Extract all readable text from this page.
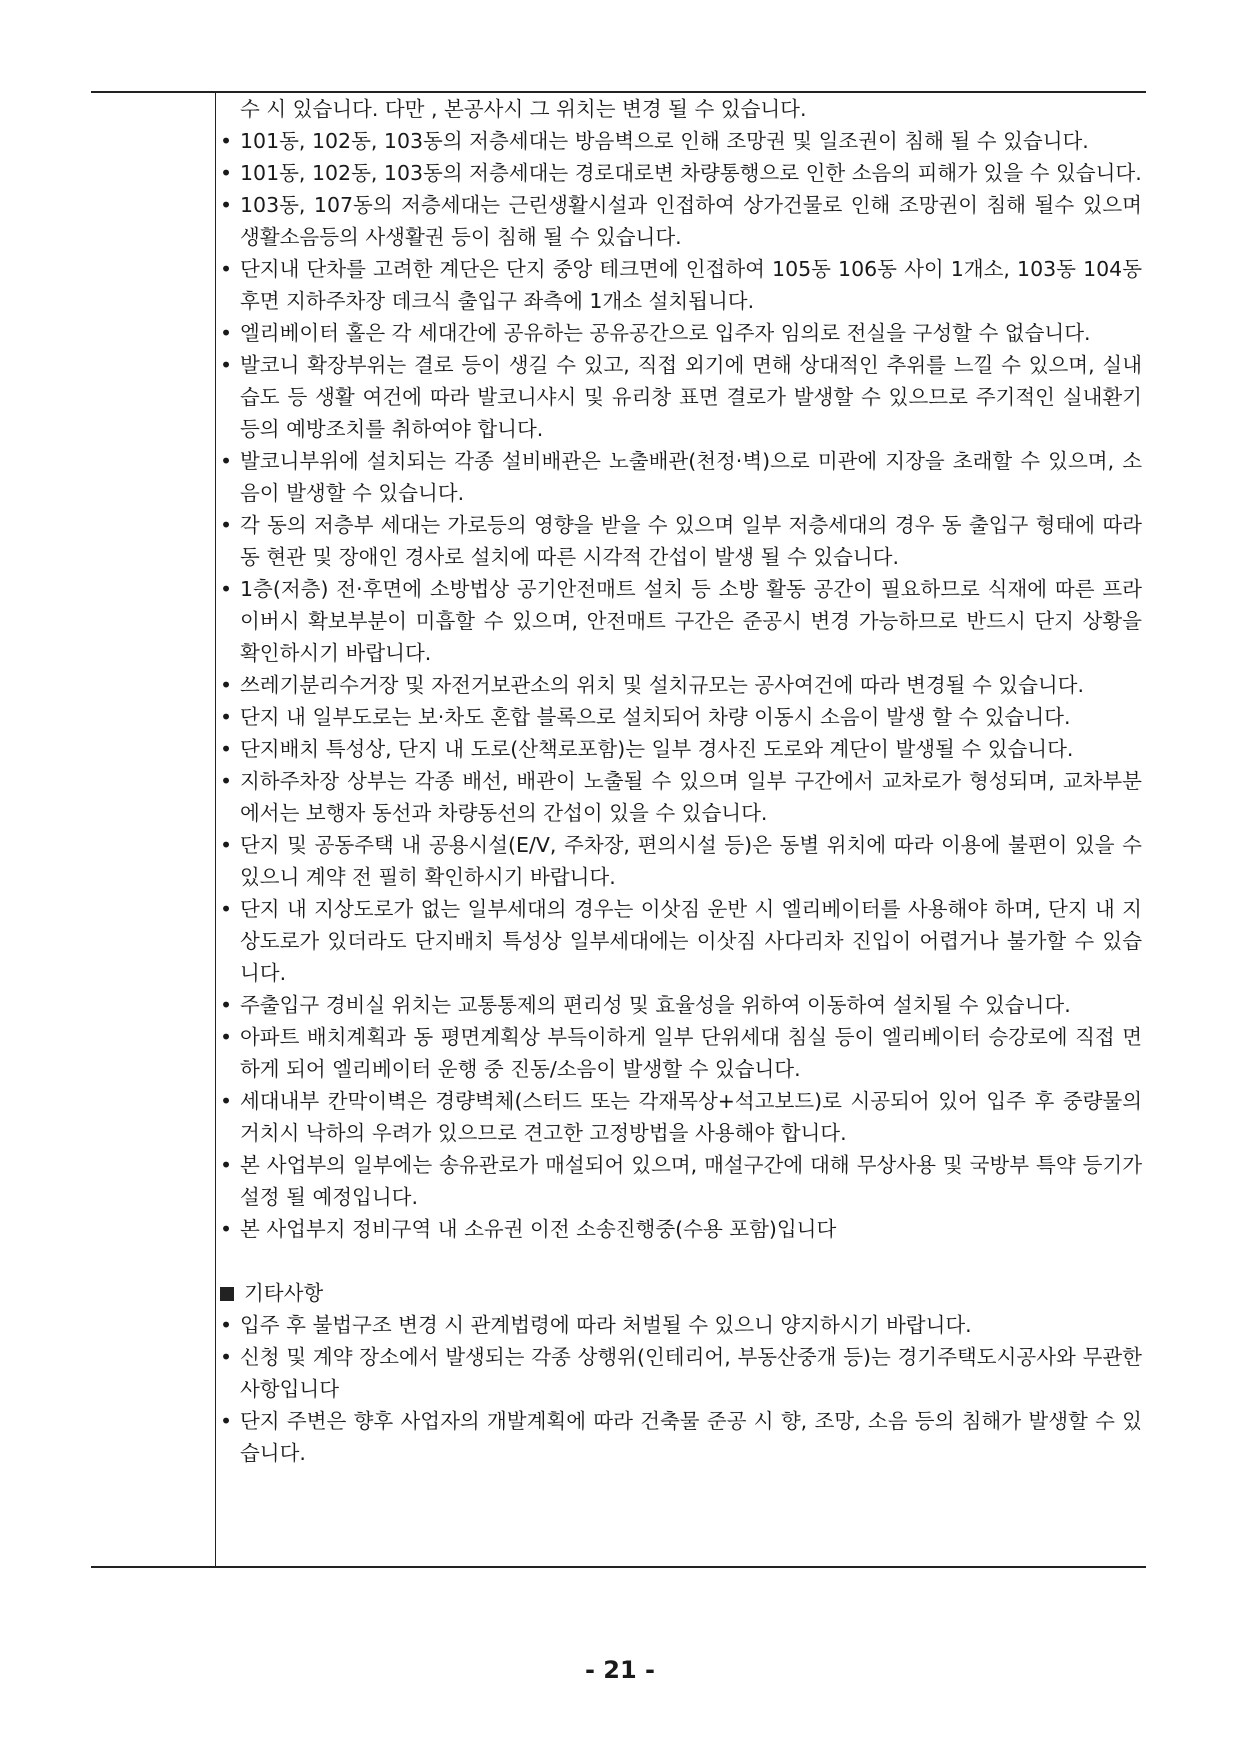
수 시 있습니다. 다만 , 본공사시 그 위치는 변경 될 수 있습니다.
• 101동, 102동, 103동의 저층세대는 방음벽으로 인해 조망권 및 일조권이 침해 될 수 있습니다.
• 101동, 102동, 103동의 저층세대는 경로대로변 차량통행으로 인한 소음의 피해가 있을 수 있습니다.
• 103동, 107동의 저층세대는 근린생활시설과 인접하여 상가건물로 인해 조망권이 침해 될수 있으며 생활소음등의 사생활권 등이 침해 될 수 있습니다.
• 단지내 단차를 고려한 계단은 단지 중앙 테크면에 인접하여 105동 106동 사이 1개소, 103동 104동 후면 지하주차장 데크식 출입구 좌측에 1개소 설치됩니다.
• 엘리베이터 홀은 각 세대간에 공유하는 공유공간으로 입주자 임의로 전실을 구성할 수 없습니다.
• 발코니 확장부위는 결로 등이 생길 수 있고, 직접 외기에 면해 상대적인 추위를 느낄 수 있으며, 실내습도 등 생활 여건에 따라 발코니샤시 및 유리창 표면 결로가 발생할 수 있으므로 주기적인 실내환기 등의 예방조치를 취하여야 합니다.
• 발코니부위에 설치되는 각종 설비배관은 노출배관(천정·벽)으로 미관에 지장을 초래할 수 있으며, 소음이 발생할 수 있습니다.
• 각 동의 저층부 세대는 가로등의 영향을 받을 수 있으며 일부 저층세대의 경우 동 출입구 형태에 따라 동 현관 및 장애인 경사로 설치에 따른 시각적 간섭이 발생 될 수 있습니다.
• 1층(저층) 전·후면에 소방법상 공기안전매트 설치 등 소방 활동 공간이 필요하므로 식재에 따른 프라이버시 확보부분이 미흡할 수 있으며, 안전매트 구간은 준공시 변경 가능하므로 반드시 단지 상황을 확인하시기 바랍니다.
• 쓰레기분리수거장 및 자전거보관소의 위치 및 설치규모는 공사여건에 따라 변경될 수 있습니다.
• 단지 내 일부도로는 보·차도 혼합 블록으로 설치되어 차량 이동시 소음이 발생 할 수 있습니다.
• 단지배치 특성상, 단지 내 도로(산책로포함)는 일부 경사진 도로와 계단이 발생될 수 있습니다.
• 지하주차장 상부는 각종 배선, 배관이 노출될 수 있으며 일부 구간에서 교차로가 형성되며, 교차부분에서는 보행자 동선과 차량동선의 간섭이 있을 수 있습니다.
• 단지 및 공동주택 내 공용시설(E/V, 주차장, 편의시설 등)은 동별 위치에 따라 이용에 불편이 있을 수 있으니 계약 전 필히 확인하시기 바랍니다.
• 단지 내 지상도로가 없는 일부세대의 경우는 이삿짐 운반 시 엘리베이터를 사용해야 하며, 단지 내 지상도로가 있더라도 단지배치 특성상 일부세대에는 이삿짐 사다리차 진입이 어렵거나 불가할 수 있습니다.
• 주출입구 경비실 위치는 교통통제의 편리성 및 효율성을 위하여 이동하여 설치될 수 있습니다.
• 아파트 배치계획과 동 평면계획상 부득이하게 일부 단위세대 침실 등이 엘리베이터 승강로에 직접 면하게 되어 엘리베이터 운행 중 진동/소음이 발생할 수 있습니다.
• 세대내부 칸막이벽은 경량벽체(스터드 또는 각재목상+석고보드)로 시공되어 있어 입주 후 중량물의 거치시 낙하의 우려가 있으므로 견고한 고정방법을 사용해야 합니다.
• 본 사업부의 일부에는 송유관로가 매설되어 있으며, 매설구간에 대해 무상사용 및 국방부 특약 등기가 설정 될 예정입니다.
• 본 사업부지 정비구역 내 소유권 이전 소송진행중(수용 포함)입니다
기타사항
• 입주 후 불법구조 변경 시 관계법령에 따라 처벌될 수 있으니 양지하시기 바랍니다.
• 신청 및 계약 장소에서 발생되는 각종 상행위(인테리어, 부동산중개 등)는 경기주택도시공사와 무관한 사항입니다
• 단지 주변은 향후 사업자의 개발계획에 따라 건축물 준공 시 향, 조망, 소음 등의 침해가 발생할 수 있습니다.
- 21 -
